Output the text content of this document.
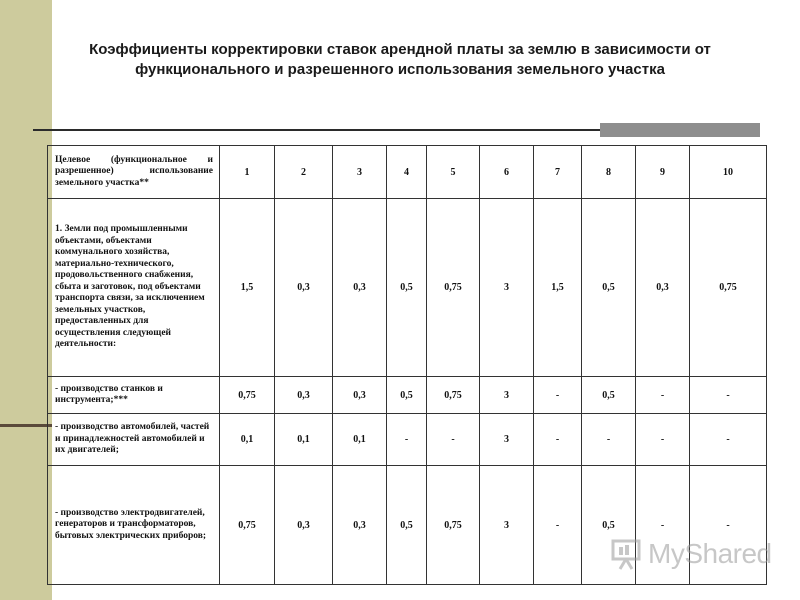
Коэффициенты корректировки ставок арендной платы за землю в зависимости от
функционального и разрешенного использования земельного участка
Целевое (функциональное и разрешенное) использование земельного участка**	1	2	3	4	5	6	7	8	9	10
1. Земли под промышленными объектами, объектами коммунального хозяйства, материально-технического, продовольственного снабжения, сбыта и заготовок, под объектами транспорта связи, за исключением земельных участков, предоставленных для осуществления следующей деятельности:	1,5	0,3	0,3	0,5	0,75	3	1,5	0,5	0,3	0,75
- производство станков и инструмента;***	0,75	0,3	0,3	0,5	0,75	3	-	0,5	-	-
- производство автомобилей, частей и принадлежностей автомобилей и их двигателей;	0,1	0,1	0,1	-	-	3	-	-	-	-
- производство электродвигателей, генераторов и трансформаторов, бытовых электрических приборов;	0,75	0,3	0,3	0,5	0,75	3	-	0,5	-	-
MyShared
